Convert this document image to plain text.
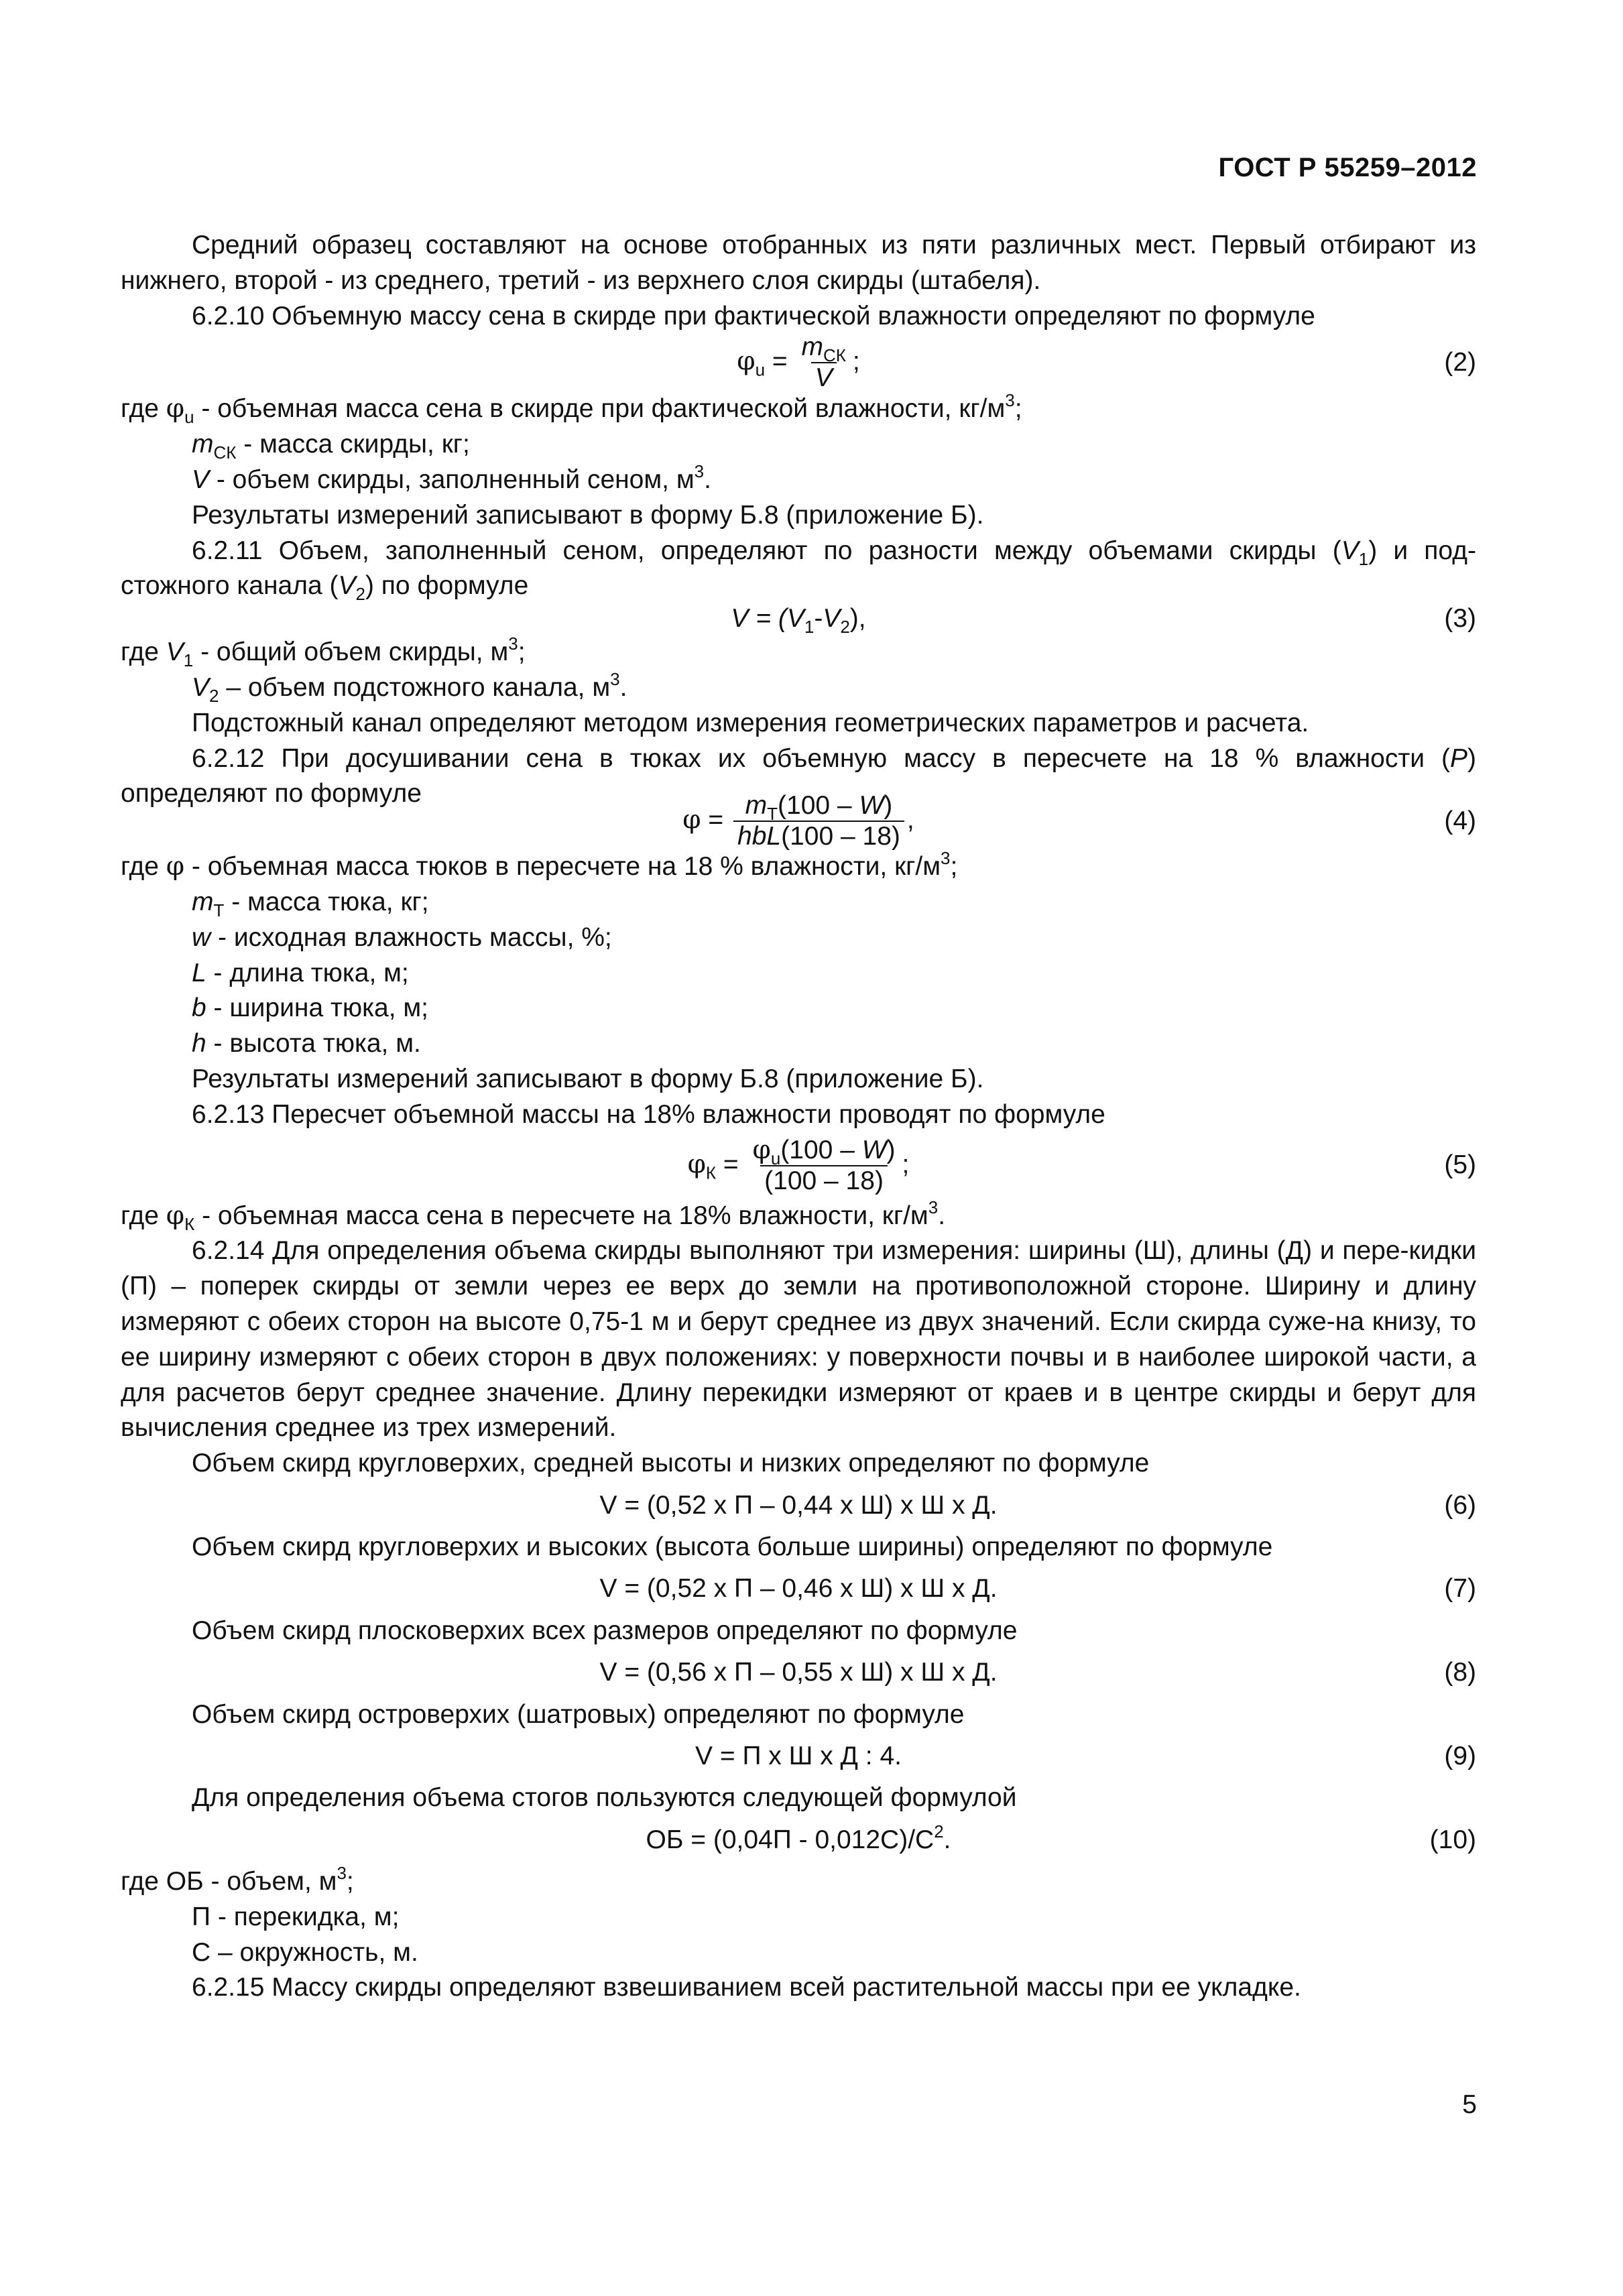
ГОСТ Р 55259–2012

Средний образец составляют на основе отобранных из пяти различных мест. Первый отбирают из нижнего, второй - из среднего, третий - из верхнего слоя скирды (штабеля).

6.2.10 Объемную массу сена в скирде при фактической влажности определяют по формуле

$\varphi_u = \frac{m_{СК}}{V}$ ;	(2)

где $\varphi_u$ - объемная масса сена в скирде при фактической влажности, $кг/м^3$;

$m_{СК}$ - масса скирды, кг;

V - объем скирды, заполненный сеном, $м^3$.

Результаты измерений записывают в форму Б.8 (приложение Б).

6.2.11 Объем, заполненный сеном, определяют по разности между объемами скирды $(V_1)$ и под-стожного канала $(V_2)$ по формуле

$V = (V_1-V_2)$,	(3)

где $V_1$ - общий объем скирды, $м^3$;

$V_2$ – объем подстожного канала, $м^3$.

Подстожный канал определяют методом измерения геометрических параметров и расчета.

6.2.12 При досушивании сена в тюках их объемную массу в пересчете на 18 % влажности (Р) определяют по формуле

$\varphi = \frac{m_Т(100 - W)}{\text{hbL(100 – 18)}}$ ,	(4)

где φ - объемная масса тюков в пересчете на 18 % влажности, $кг/м^3$;

$m_Т$ - масса тюка, кг;

w - исходная влажность массы, %;

L - длина тюка, м;

b - ширина тюка, м;

h - высота тюка, м.

Результаты измерений записывают в форму Б.8 (приложение Б).

6.2.13 Пересчет объемной массы на 18% влажности проводят по формуле

$\varphi_К = \frac{\varphi_u(100 - W)}{(100 - 18)}$ ;	(5)

где $\varphi_К$ - объемная масса сена в пересчете на 18% влажности, $кг/м^3$.

6.2.14 Для определения объема скирды выполняют три измерения: ширины (Ш), длины (Д) и пере-кидки (П) – поперек скирды от земли через ее верх до земли на противоположной стороне. Ширину и длину измеряют с обеих сторон на высоте 0,75-1 м и берут среднее из двух значений. Если скирда суже-на книзу, то ее ширину измеряют с обеих сторон в двух положениях: у поверхности почвы и в наиболее широкой части, а для расчетов берут среднее значение. Длину перекидки измеряют от краев и в центре скирды и берут для вычисления среднее из трех измерений.

Объем скирд кругловерхих, средней высоты и низких определяют по формуле

V = (0,52 х П – 0,44 х Ш) х Ш х Д.	(6)

Объем скирд кругловерхих и высоких (высота больше ширины) определяют по формуле

V = (0,52 х П – 0,46 х Ш) х Ш х Д.	(7)

Объем скирд плосковерхих всех размеров определяют по формуле

V = (0,56 х П – 0,55 х Ш) х Ш х Д.	(8)

Объем скирд островерхих (шатровых) определяют по формуле

V = П х Ш х Д : 4.	(9)

Для определения объема стогов пользуются следующей формулой

ОБ = $(0,04П - 0,012С)/С^2$.	(10)

где ОБ - объем, $м^3$;

П - перекидка, м;

С – окружность, м.

6.2.15 Массу скирды определяют взвешиванием всей растительной массы при ее укладке.

5
